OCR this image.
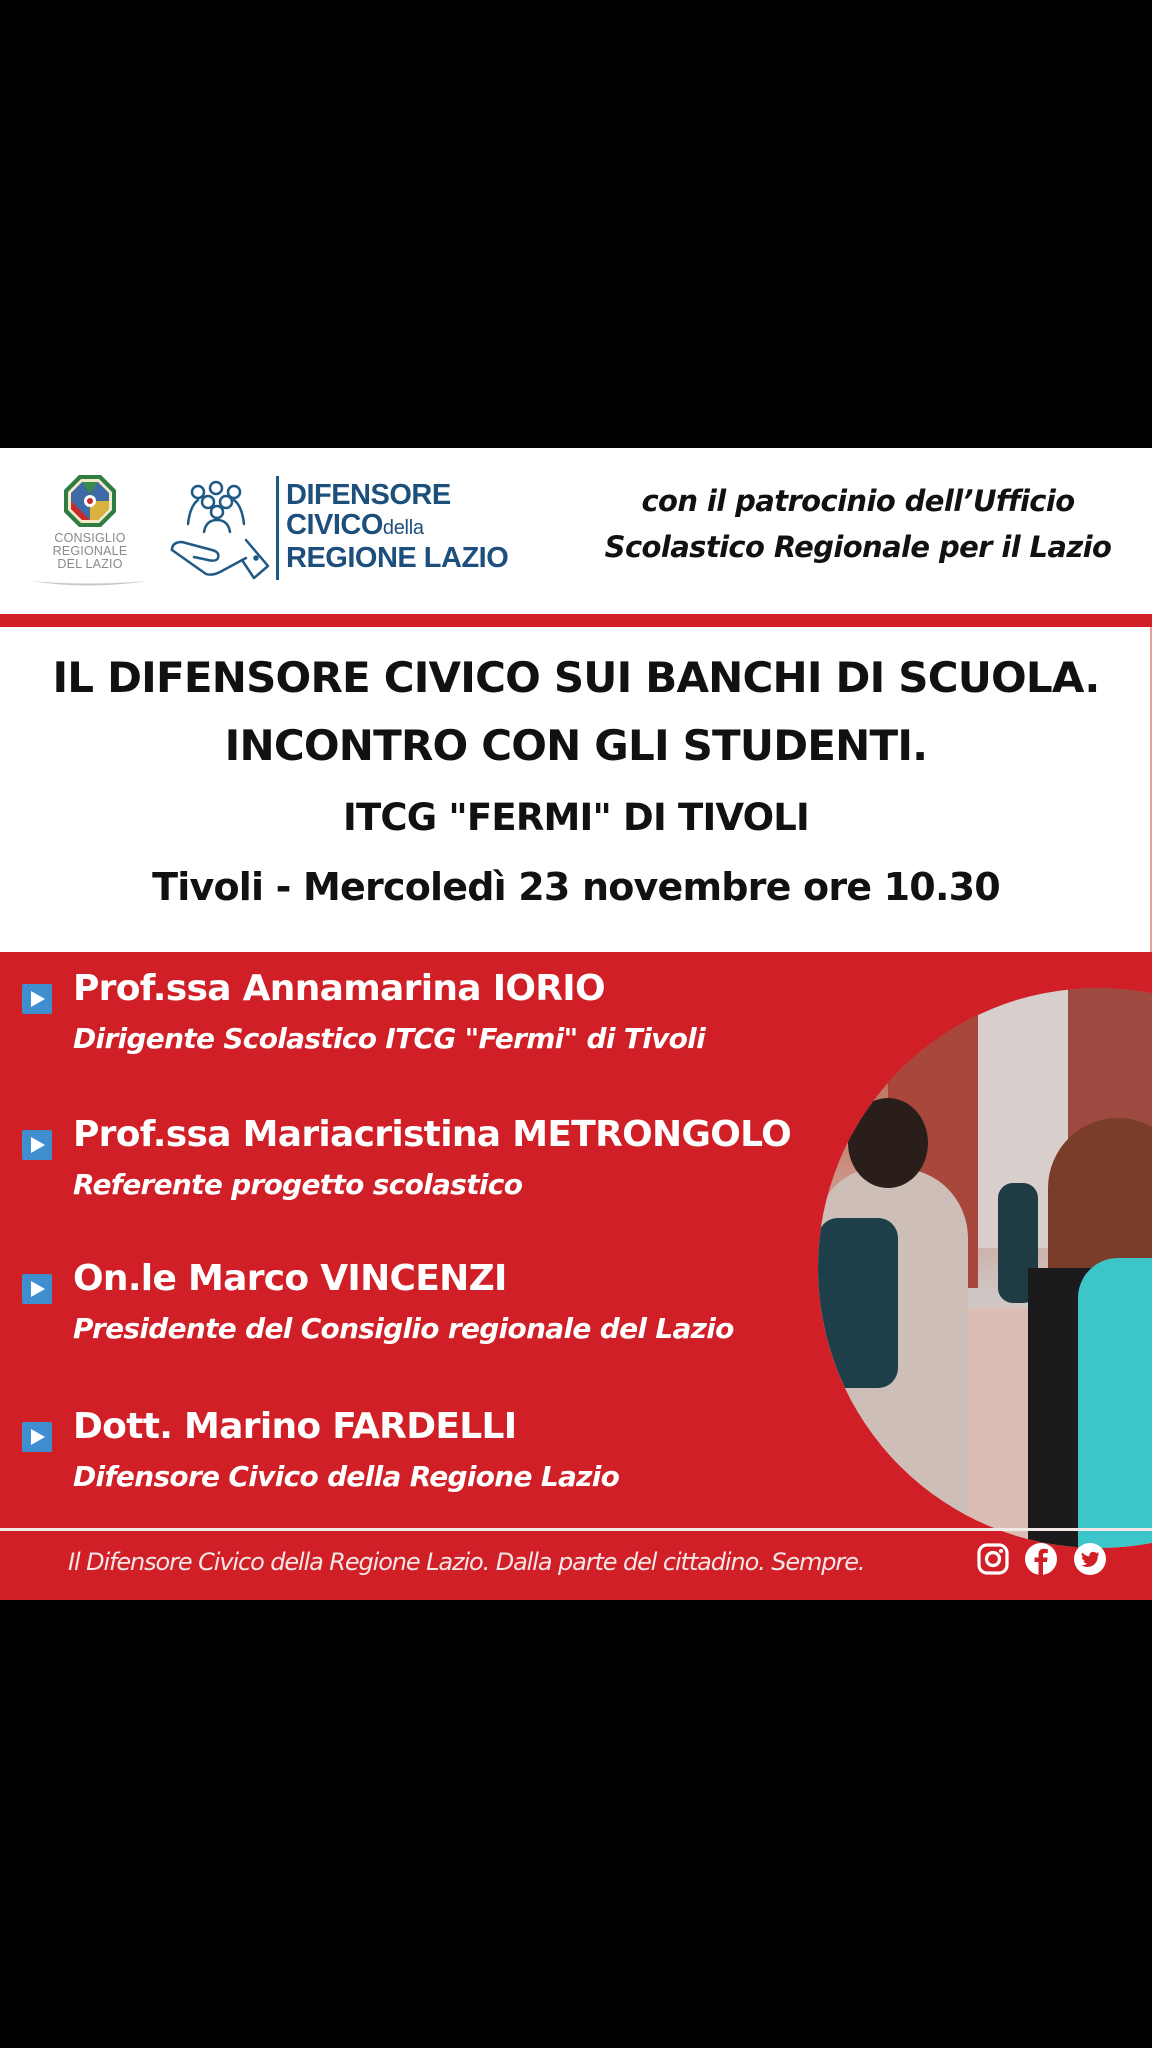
CONSIGLIO
REGIONALE
DEL LAZIO
DIFENSORE
CIVICOdella
REGIONE LAZIO
con il patrocinio dell’Ufficio
Scolastico Regionale per il Lazio
IL DIFENSORE CIVICO SUI BANCHI DI SCUOLA.
INCONTRO CON GLI STUDENTI.
ITCG "FERMI" DI TIVOLI
Tivoli - Mercoledì 23 novembre ore 10.30
Prof.ssa Annamarina IORIO
Dirigente Scolastico ITCG "Fermi" di Tivoli
Prof.ssa Mariacristina METRONGOLO
Referente progetto scolastico
On.le Marco VINCENZI
Presidente del Consiglio regionale del Lazio
Dott. Marino FARDELLI
Difensore Civico della Regione Lazio
Il Difensore Civico della Regione Lazio. Dalla parte del cittadino. Sempre.
